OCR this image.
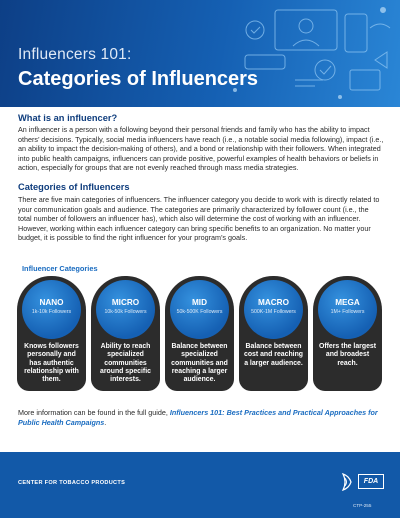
Influencers 101:
Categories of Influencers
What is an influencer?
An influencer is a person with a following beyond their personal friends and family who has the ability to impact others’ decisions. Typically, social media influencers have reach (i.e., a notable social media following), impact (i.e., an ability to impact the decision-making of others), and a bond or relationship with their followers. When integrated into public health campaigns, influencers can provide positive, powerful examples of health behaviors or beliefs in action, especially for groups that are not evenly reached through mass media strategies.
Categories of Influencers
There are five main categories of influencers. The influencer category you decide to work with is directly related to your communication goals and audience. The categories are primarily characterized by follower count (i.e., the total number of followers an influencer has), which also will determine the cost of working with an influencer. However, working within each influencer category can bring specific benefits to an organization. No matter your budget, it is possible to find the right influencer for your program’s goals.
Influencer Categories
NANO
1k-10k Followers
Knows followers personally and has authentic relationship with them.
MICRO
10k-50k Followers
Ability to reach specialized communities around specific interests.
MID
50k-500K Followers
Balance between specialized communities and reaching a larger audience.
MACRO
500K-1M Followers
Balance between cost and reaching a larger audience.
MEGA
1M+ Followers
Offers the largest and broadest reach.
More information can be found in the full guide, Influencers 101: Best Practices and Practical Approaches for Public Health Campaigns.
CENTER FOR TOBACCO PRODUCTS	FDA
CTP-255
